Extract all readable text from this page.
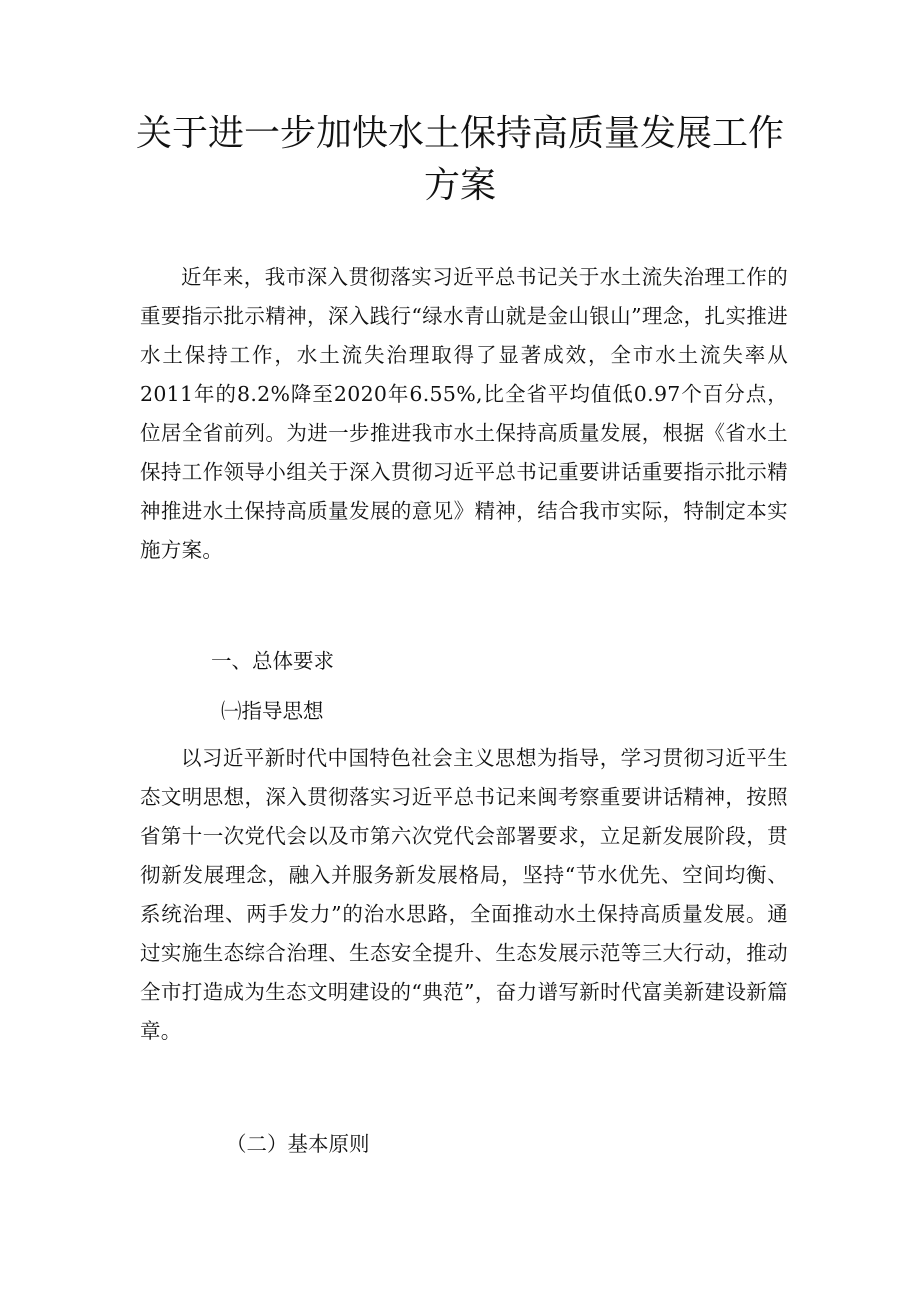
关于进一步加快水土保持高质量发展工作
方案

近年来，我市深入贯彻落实习近平总书记关于水土流失治理工作的重要指示批示精神，深入践行“绿水青山就是金山银山”理念，扎实推进水土保持工作，水土流失治理取得了显著成效，全市水土流失率从2011年的8.2%降至2020年6.55%,比全省平均值低0.97个百分点，位居全省前列。为进一步推进我市水土保持高质量发展，根据《省水土保持工作领导小组关于深入贯彻习近平总书记重要讲话重要指示批示精神推进水土保持高质量发展的意见》精神，结合我市实际，特制定本实施方案。

一、总体要求

㈠指导思想

以习近平新时代中国特色社会主义思想为指导，学习贯彻习近平生态文明思想，深入贯彻落实习近平总书记来闽考察重要讲话精神，按照省第十一次党代会以及市第六次党代会部署要求，立足新发展阶段，贯彻新发展理念，融入并服务新发展格局，坚持“节水优先、空间均衡、系统治理、两手发力”的治水思路，全面推动水土保持高质量发展。通过实施生态综合治理、生态安全提升、生态发展示范等三大行动，推动全市打造成为生态文明建设的“典范”，奋力谱写新时代富美新建设新篇章。

（二）基本原则
